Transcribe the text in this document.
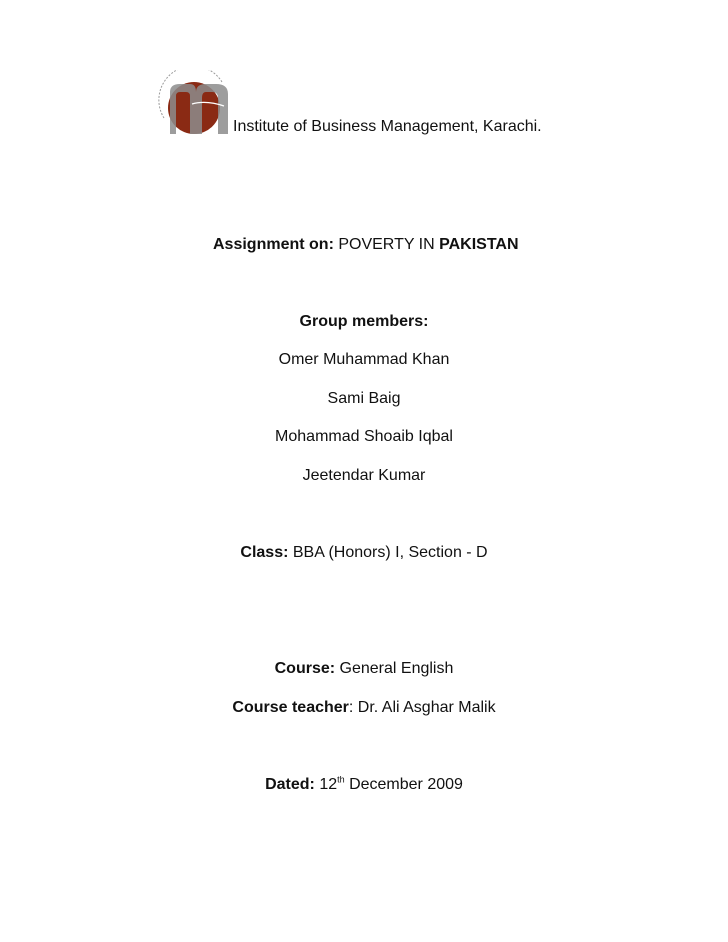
Institute of Business Management, Karachi.
Assignment on: POVERTY IN PAKISTAN
Group members:
Omer Muhammad Khan
Sami Baig
Mohammad Shoaib Iqbal
Jeetendar Kumar
Class: BBA (Honors) I, Section - D
Course: General English
Course teacher: Dr. Ali Asghar Malik
Dated: 12th December 2009
